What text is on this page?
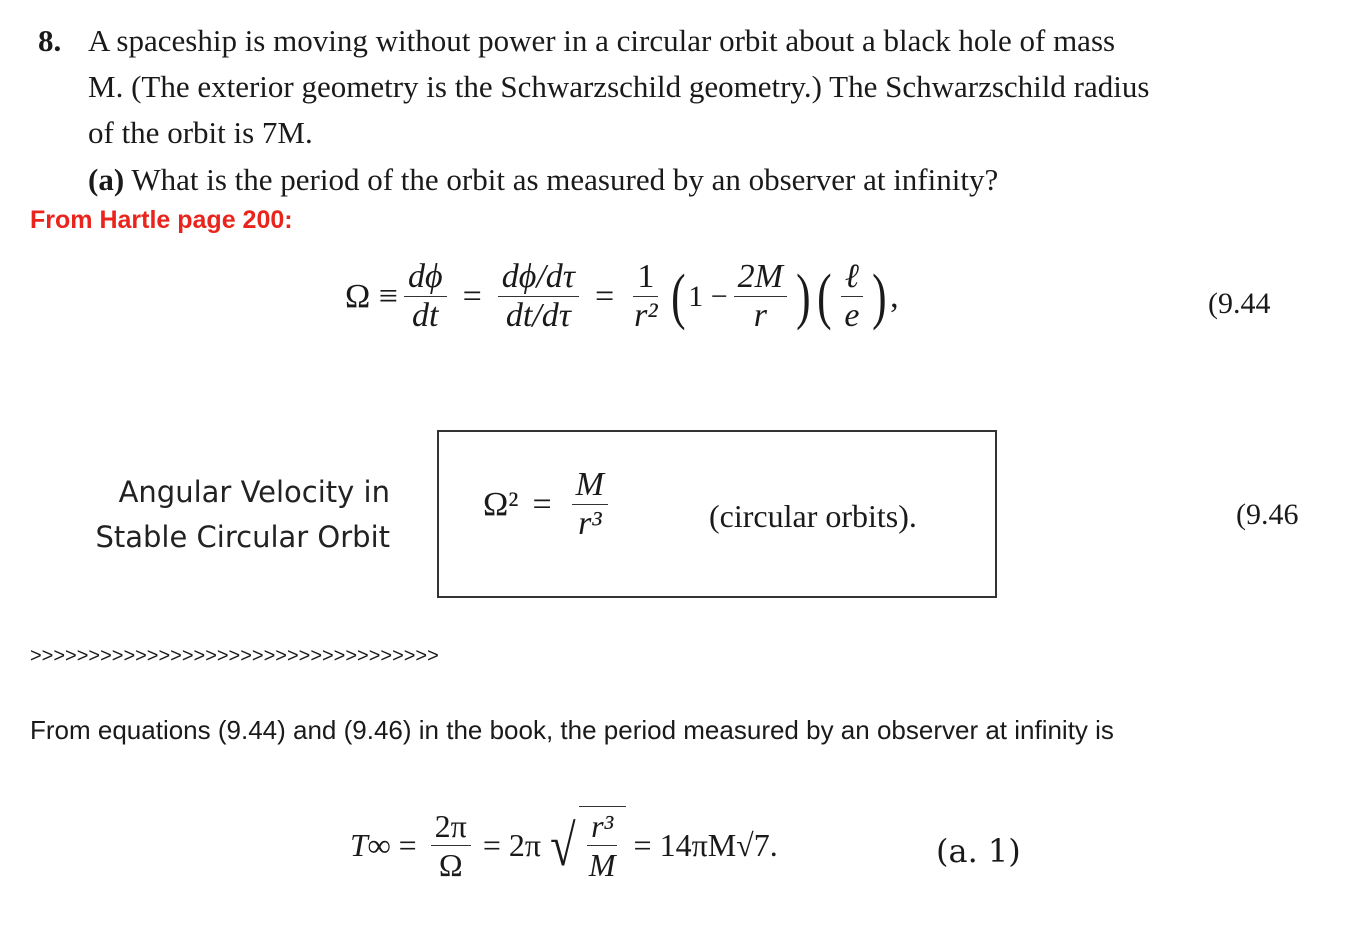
8. A spaceship is moving without power in a circular orbit about a black hole of mass
M. (The exterior geometry is the Schwarzschild geometry.) The Schwarzschild radius
of the orbit is 7M.
(a) What is the period of the orbit as measured by an observer at infinity?
From Hartle page 200:
$\Omega \equiv \frac{d\phi}{dt} = \frac{d\phi/d\tau}{dt/d\tau} = \frac{1}{\text{r²}}$ ( $1 - \frac{2M}{r}$ ) ( $\frac{\text{ℓ}}{e}$ ) ,	(9.44
Angular Velocity in
Stable Circular Orbit
$\Omega^2 = \frac{M}{\text{r³}}$	(circular orbits).	(9.46
>>>>>>>>>>>>>>>>>>>>>>>>>>>>>>>>>>>
From equations (9.44) and (9.46) in the book, the period measured by an observer at infinity is
$T\infty = \frac{2\pi}{\Omega} = 2\pi$ √ $\frac{\text{r³}}{M} = 14\pi M√7$.	(a. 1)
